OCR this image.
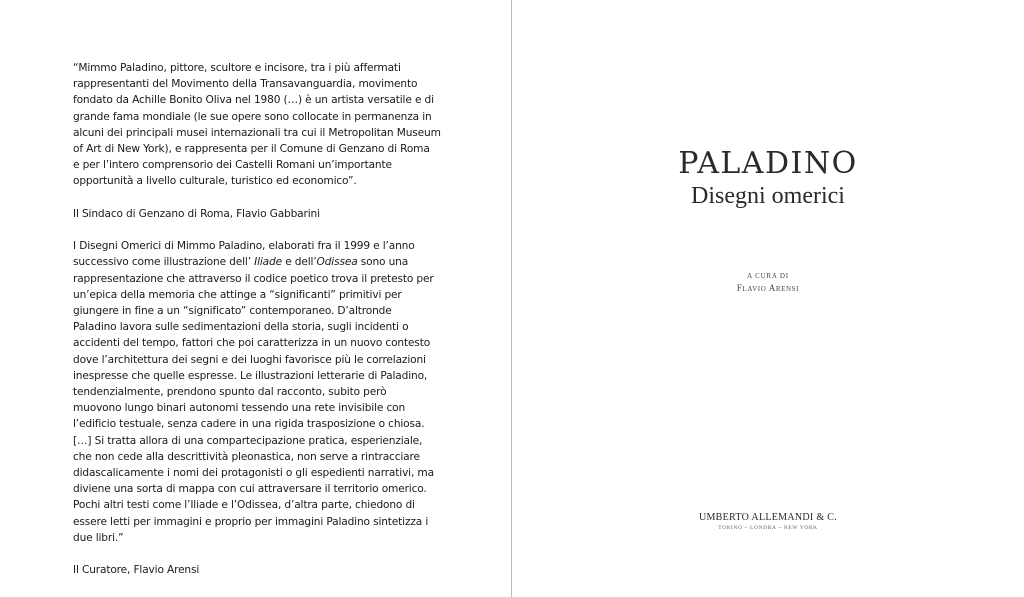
“Mimmo Paladino, pittore, scultore e incisore, tra i più affermati
rappresentanti del Movimento della Transavanguardia, movimento
fondato da Achille Bonito Oliva nel 1980 (…) è un artista versatile e di
grande fama mondiale (le sue opere sono collocate in permanenza in
alcuni dei principali musei internazionali tra cui il Metropolitan Museum
of Art di New York), e rappresenta per il Comune di Genzano di Roma
e per l’intero comprensorio dei Castelli Romani un’importante
opportunità a livello culturale, turistico ed economico”.

Il Sindaco di Genzano di Roma, Flavio Gabbarini

I Disegni Omerici di Mimmo Paladino, elaborati fra il 1999 e l’anno
successivo come illustrazione dell’ Iliade e dell’Odissea sono una
rappresentazione che attraverso il codice poetico trova il pretesto per
un’epica della memoria che attinge a “significanti” primitivi per
giungere in fine a un “significato” contemporaneo. D’altronde
Paladino lavora sulle sedimentazioni della storia, sugli incidenti o
accidenti del tempo, fattori che poi caratterizza in un nuovo contesto
dove l’architettura dei segni e dei luoghi favorisce più le correlazioni
inespresse che quelle espresse. Le illustrazioni letterarie di Paladino,
tendenzialmente, prendono spunto dal racconto, subito però
muovono lungo binari autonomi tessendo una rete invisibile con
l’edificio testuale, senza cadere in una rigida trasposizione o chiosa.
[…] Si tratta allora di una compartecipazione pratica, esperienziale,
che non cede alla descrittività pleonastica, non serve a rintracciare
didascalicamente i nomi dei protagonisti o gli espedienti narrativi, ma
diviene una sorta di mappa con cui attraversare il territorio omerico.
Pochi altri testi come l’Iliade e l’Odissea, d’altra parte, chiedono di
essere letti per immagini e proprio per immagini Paladino sintetizza i
due libri.”

Il Curatore, Flavio Arensi

PALADINO
Disegni omerici
A CURA DI
FLAVIO ARENSI
UMBERTO ALLEMANDI & C.
TORINO ~ LONDRA ~ NEW YORK
